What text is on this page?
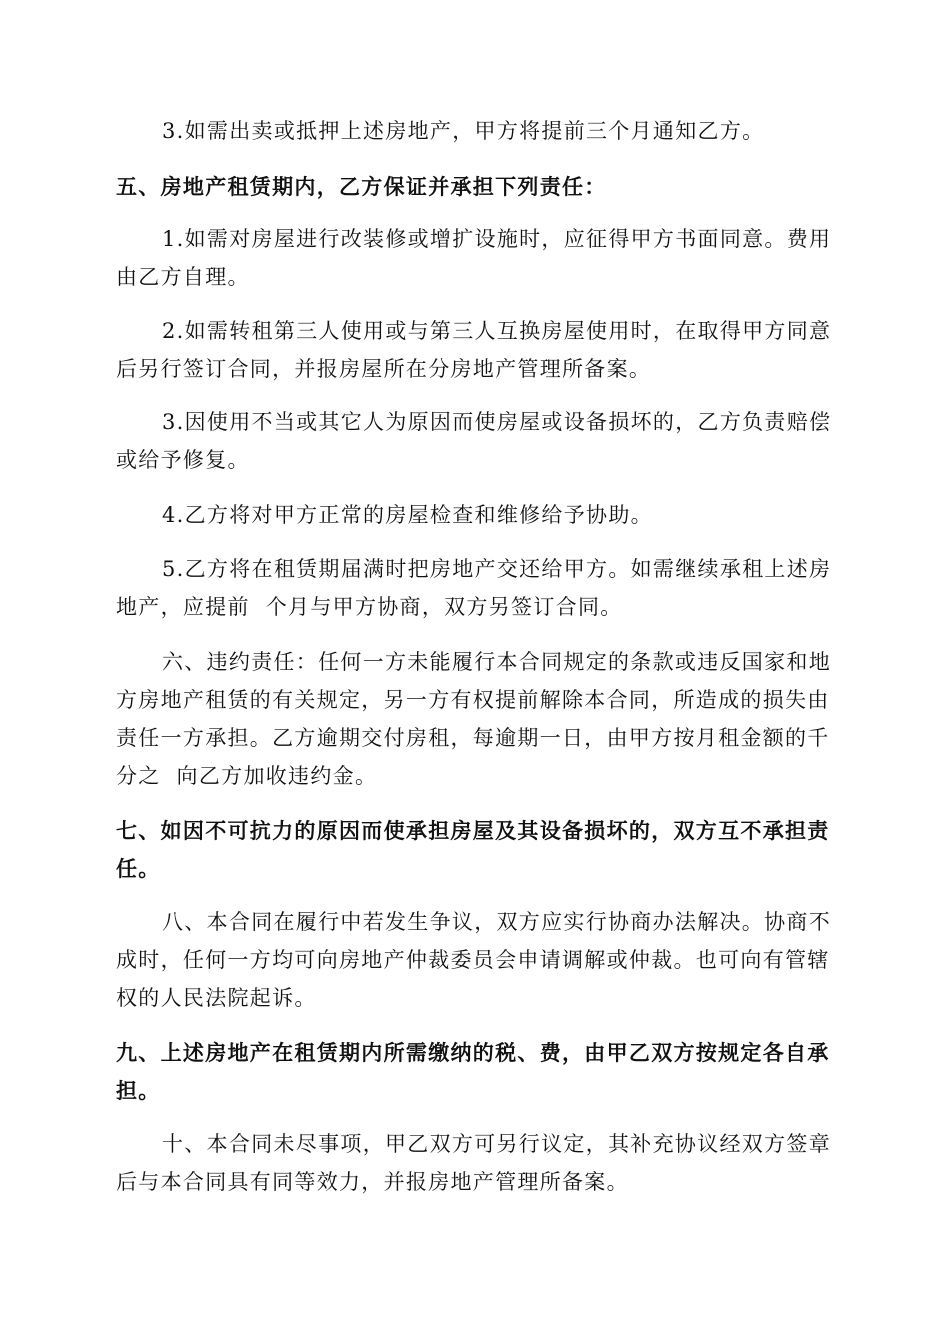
3.如需出卖或抵押上述房地产，甲方将提前三个月通知乙方。

五、房地产租赁期内，乙方保证并承担下列责任：

1.如需对房屋进行改装修或增扩设施时，应征得甲方书面同意。费用由乙方自理。

2.如需转租第三人使用或与第三人互换房屋使用时，在取得甲方同意后另行签订合同，并报房屋所在分房地产管理所备案。

3.因使用不当或其它人为原因而使房屋或设备损坏的，乙方负责赔偿或给予修复。

4.乙方将对甲方正常的房屋检查和维修给予协助。

5.乙方将在租赁期届满时把房地产交还给甲方。如需继续承租上述房地产，应提前  个月与甲方协商，双方另签订合同。

六、违约责任：任何一方未能履行本合同规定的条款或违反国家和地方房地产租赁的有关规定，另一方有权提前解除本合同，所造成的损失由责任一方承担。乙方逾期交付房租，每逾期一日，由甲方按月租金额的千分之  向乙方加收违约金。

七、如因不可抗力的原因而使承担房屋及其设备损坏的，双方互不承担责任。

八、本合同在履行中若发生争议，双方应实行协商办法解决。协商不成时，任何一方均可向房地产仲裁委员会申请调解或仲裁。也可向有管辖权的人民法院起诉。

九、上述房地产在租赁期内所需缴纳的税、费，由甲乙双方按规定各自承担。

十、本合同未尽事项，甲乙双方可另行议定，其补充协议经双方签章后与本合同具有同等效力，并报房地产管理所备案。
